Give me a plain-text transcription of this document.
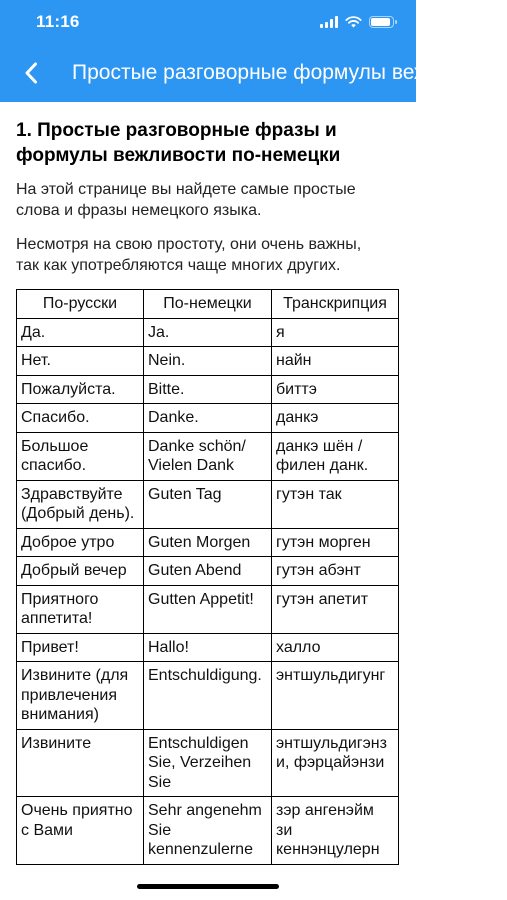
11:16
Простые разговорные формулы вежливости
1. Простые разговорные фразы и формулы вежливости по-немецки

На этой странице вы найдете самые простые слова и фразы немецкого языка.

Несмотря на свою простоту, они очень важны, так как употребляются чаще многих других.

По-русски	По-немецки	Транскрипция
Да.	Ja.	я
Нет.	Nein.	найн
Пожалуйста.	Bitte.	биттэ
Спасибо.	Danke.	данкэ
Большое спасибо.	Danke schön/ Vielen Dank	данкэ шён / филен данк.
Здравствуйте (Добрый день).	Guten Tag	гутэн так
Доброе утро	Guten Morgen	гутэн морген
Добрый вечер	Guten Abend	гутэн абэнт
Приятного аппетита!	Gutten Appetit!	гутэн апетит
Привет!	Hallo!	халло
Извините (для привлечения внимания)	Entschuldigung.	энтшульдигунг
Извините	Entschuldigen Sie, Verzeihen Sie	энтшульдигэнзи, фэрцайэнзи
Очень приятно с Вами	Sehr angenehm Sie kennenzulerne	зэр ангенэйм зи кеннэнцулерн
